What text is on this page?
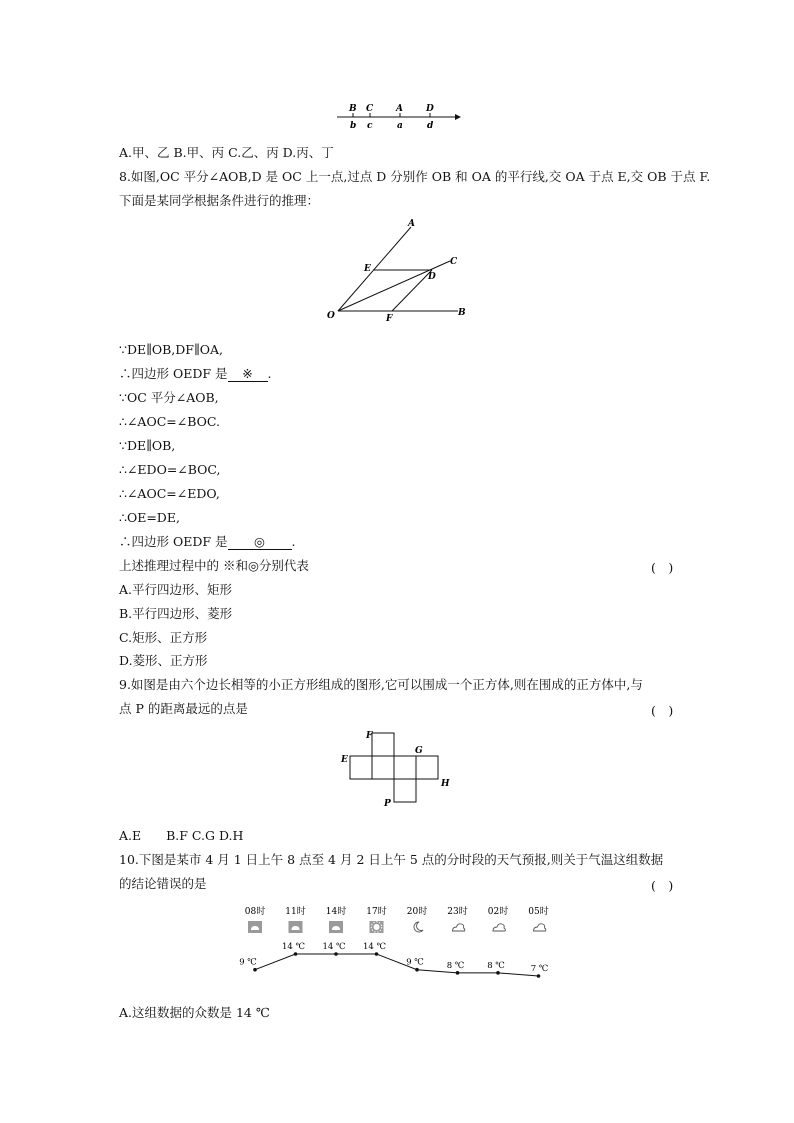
B C	A	D
b c	a	d
A.甲、乙 B.甲、丙 C.乙、丙 D.丙、丁
8.如图,OC 平分∠AOB,D 是 OC 上一点,过点 D 分别作 OB 和 OA 的平行线,交 OA 于点 E,交 OB 于点 F.
下面是某同学根据条件进行的推理：
A
C
E
D
O	F
B
∵DE∥OB,DF∥OA,
∴四边形 OEDF 是 ※ .
∵OC 平分∠AOB,
∴∠AOC=∠BOC.
∵DE∥OB,
∴∠EDO=∠BOC,
∴∠AOC=∠EDO,
∴OE=DE,
∴四边形 OEDF 是 ◎ .
上述推理过程中的 ※和◎分别代表	(　)
A.平行四边形、矩形
B.平行四边形、菱形
C.矩形、正方形
D.菱形、正方形
9.如图是由六个边长相等的小正方形组成的图形,它可以围成一个正方体,则在围成的正方体中,与
点 P 的距离最远的点是	(　)
F
G
E
H
P
A.E　　B.F C.G D.H
10.下图是某市 4 月 1 日上午 8 点至 4 月 2 日上午 5 点的分时段的天气预报,则关于气温这组数据
的结论错误的是	(　)
08时 11时 14时 17时 20时 23时 02时 05时
9 ℃
14 ℃ 14 ℃ 14 ℃
9 ℃	8 ℃	8 ℃	7 ℃
A.这组数据的众数是 14 ℃
